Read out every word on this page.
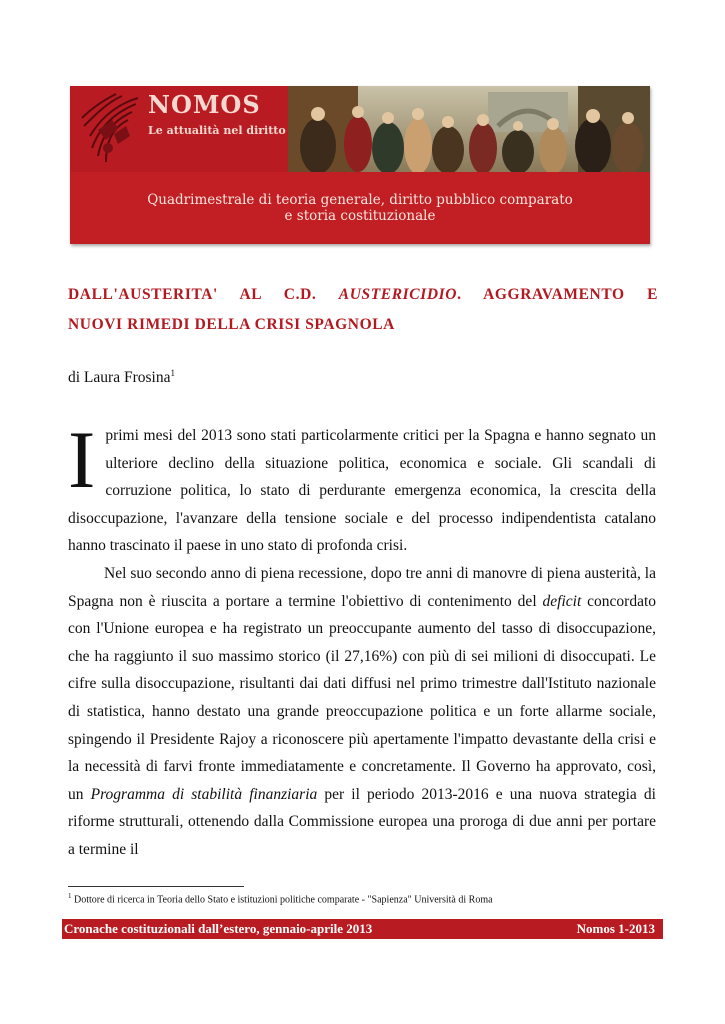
NOMOS
Le attualità nel diritto
Quadrimestrale di teoria generale, diritto pubblico comparato
e storia costituzionale
DALL'AUSTERITA' AL C.D. AUSTERICIDIO. AGGRAVAMENTO E
NUOVI RIMEDI DELLA CRISI SPAGNOLA
di Laura Frosina$^1$

Iprimi mesi del 2013 sono stati particolarmente critici per la Spagna e hanno segnato un ulteriore declino della situazione politica, economica e sociale. Gli scandali di corruzione politica, lo stato di perdurante emergenza economica, la crescita della disoccupazione, l'avanzare della tensione sociale e del processo indipendentista catalano hanno trascinato il paese in uno stato di profonda crisi.

Nel suo secondo anno di piena recessione, dopo tre anni di manovre di piena austerità, la Spagna non è riuscita a portare a termine l'obiettivo di contenimento del deficit concordato con l'Unione europea e ha registrato un preoccupante aumento del tasso di disoccupazione, che ha raggiunto il suo massimo storico (il 27,16%) con più di sei milioni di disoccupati. Le cifre sulla disoccupazione, risultanti dai dati diffusi nel primo trimestre dall'Istituto nazionale di statistica, hanno destato una grande preoccupazione politica e un forte allarme sociale, spingendo il Presidente Rajoy a riconoscere più apertamente l'impatto devastante della crisi e la necessità di farvi fronte immediatamente e concretamente. Il Governo ha approvato, così, un Programma di stabilità finanziaria per il periodo 2013-2016 e una nuova strategia di riforme strutturali, ottenendo dalla Commissione europea una proroga di due anni per portare a termine il

$^1$ Dottore di ricerca in Teoria dello Stato e istituzioni politiche comparate - "Sapienza" Università di Roma
Cronache costituzionali dall’estero, gennaio-aprile 2013	Nomos 1-2013
